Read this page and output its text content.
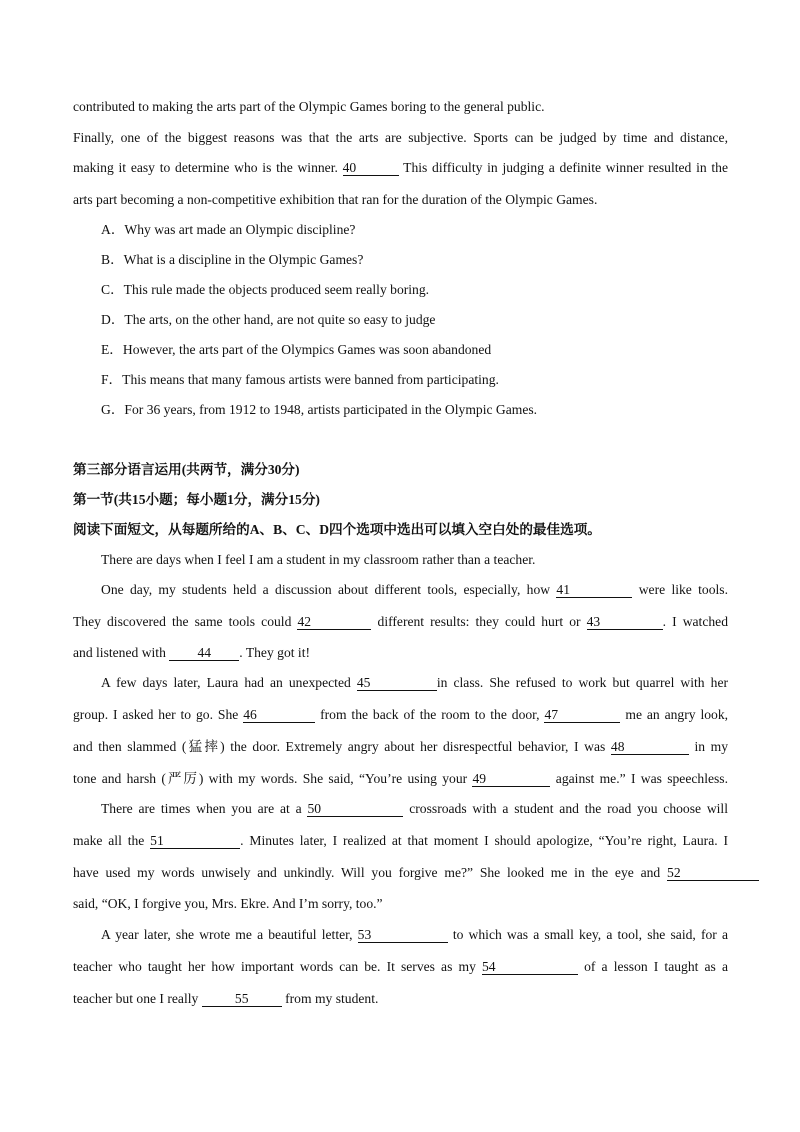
contributed to making the arts part of the Olympic Games boring to the general public.
Finally, one of the biggest reasons was that the arts are subjective. Sports can be judged by time and distance,
making it easy to determine who is the winner. 40	This difficulty in judging a definite winner resulted in the
arts part becoming a non-competitive exhibition that ran for the duration of the Olympic Games.
A．Why was art made an Olympic discipline?
B．What is a discipline in the Olympic Games?
C．This rule made the objects produced seem really boring.
D．The arts, on the other hand, are not quite so easy to judge
E．However, the arts part of the Olympics Games was soon abandoned
F．This means that many famous artists were banned from participating.
G．For 36 years, from 1912 to 1948, artists participated in the Olympic Games.
第三部分语言运用(共两节，满分30分)
第一节(共15小题；每小题1分，满分15分)
阅读下面短文，从每题所给的A、B、C、D四个选项中选出可以填入空白处的最佳选项。
There are days when I feel I am a student in my classroom rather than a teacher.
One day, my students held a discussion about different tools, especially, how 41	were like tools.
They discovered the same tools could 42	different results: they could hurt or 43	. I watched
and listened with 44 . They got it!
A few days later, Laura had an unexpected 45	in class. She refused to work but quarrel with her
group. I asked her to go. She 46	from the back of the room to the door, 47	me an angry look,
and then slammed (猛摔) the door. Extremely angry about her disrespectful behavior, I was 48	in my
tone and harsh (严厉) with my words. She said, “You’re using your 49	against me.” I was speechless.
There are times when you are at a 50	crossroads with a student and the road you choose will
make all the 51	. Minutes later, I realized at that moment I should apologize, “You’re right, Laura. I
have used my words unwisely and unkindly. Will you forgive me?” She looked me in the eye and 52
said, “OK, I forgive you, Mrs. Ekre. And I’m sorry, too.”
A year later, she wrote me a beautiful letter, 53	to which was a small key, a tool, she said, for a
teacher who taught her how important words can be. It serves as my 54	of a lesson I taught as a
teacher but one I really	55	from my student.
